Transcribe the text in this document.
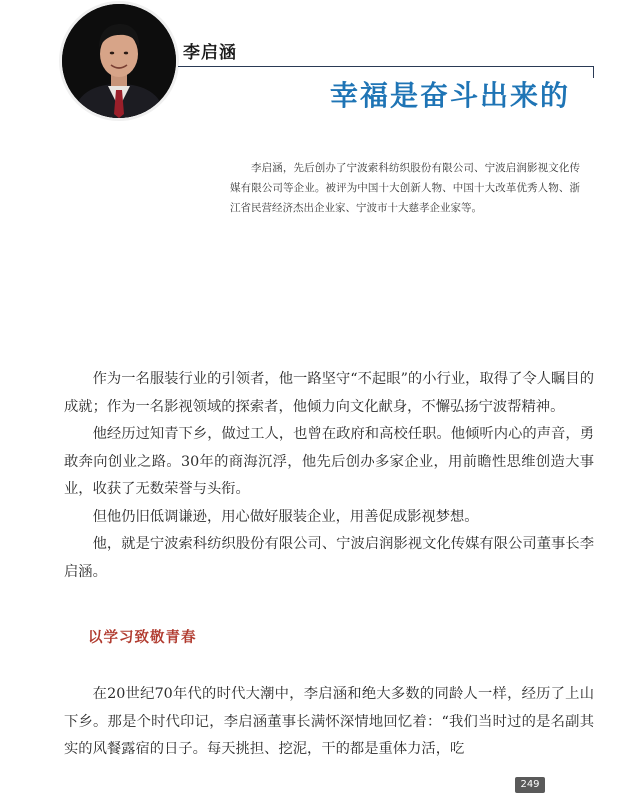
李启涵
幸福是奋斗出来的
李启涵，先后创办了宁波索科纺织股份有限公司、宁波启润影视文化传媒有限公司等企业。被评为中国十大创新人物、中国十大改革优秀人物、浙江省民营经济杰出企业家、宁波市十大慈孝企业家等。

作为一名服装行业的引领者，他一路坚守“不起眼”的小行业，取得了令人瞩目的成就；作为一名影视领域的探索者，他倾力向文化献身，不懈弘扬宁波帮精神。

他经历过知青下乡，做过工人，也曾在政府和高校任职。他倾听内心的声音，勇敢奔向创业之路。30年的商海沉浮，他先后创办多家企业，用前瞻性思维创造大事业，收获了无数荣誉与头衔。

但他仍旧低调谦逊，用心做好服装企业，用善促成影视梦想。

他，就是宁波索科纺织股份有限公司、宁波启润影视文化传媒有限公司董事长李启涵。

以学习致敬青春

在20世纪70年代的时代大潮中，李启涵和绝大多数的同龄人一样，经历了上山下乡。那是个时代印记，李启涵董事长满怀深情地回忆着：“我们当时过的是名副其实的风餐露宿的日子。每天挑担、挖泥，干的都是重体力活，吃

249
